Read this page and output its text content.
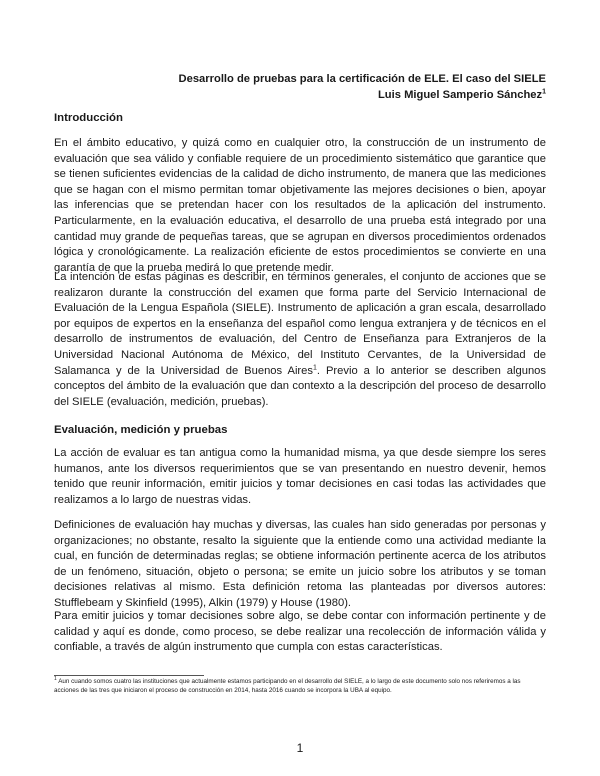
Desarrollo de pruebas para la certificación de ELE. El caso del SIELE
Luis Miguel Samperio Sánchez$^1$
Introducción

En el ámbito educativo, y quizá como en cualquier otro, la construcción de un instrumento de evaluación que sea válido y confiable requiere de un procedimiento sistemático que garantice que se tienen suficientes evidencias de la calidad de dicho instrumento, de manera que las mediciones que se hagan con el mismo permitan tomar objetivamente las mejores decisiones o bien, apoyar las inferencias que se pretendan hacer con los resultados de la aplicación del instrumento. Particularmente, en la evaluación educativa, el desarrollo de una prueba está integrado por una cantidad muy grande de pequeñas tareas, que se agrupan en diversos procedimientos ordenados lógica y cronológicamente. La realización eficiente de estos procedimientos se convierte en una garantía de que la prueba medirá lo que pretende medir.

La intención de estas páginas es describir, en términos generales, el conjunto de acciones que se realizaron durante la construcción del examen que forma parte del Servicio Internacional de Evaluación de la Lengua Española (SIELE). Instrumento de aplicación a gran escala, desarrollado por equipos de expertos en la enseñanza del español como lengua extranjera y de técnicos en el desarrollo de instrumentos de evaluación, del Centro de Enseñanza para Extranjeros de la Universidad Nacional Autónoma de México, del Instituto Cervantes, de la Universidad de Salamanca y de la Universidad de Buenos Aires$^1$. Previo a lo anterior se describen algunos conceptos del ámbito de la evaluación que dan contexto a la descripción del proceso de desarrollo del SIELE (evaluación, medición, pruebas).

Evaluación, medición y pruebas

La acción de evaluar es tan antigua como la humanidad misma, ya que desde siempre los seres humanos, ante los diversos requerimientos que se van presentando en nuestro devenir, hemos tenido que reunir información, emitir juicios y tomar decisiones en casi todas las actividades que realizamos a lo largo de nuestras vidas.

Definiciones de evaluación hay muchas y diversas, las cuales han sido generadas por personas y organizaciones; no obstante, resalto la siguiente que la entiende como una actividad mediante la cual, en función de determinadas reglas; se obtiene información pertinente acerca de los atributos de un fenómeno, situación, objeto o persona; se emite un juicio sobre los atributos y se toman decisiones relativas al mismo. Esta definición retoma las planteadas por diversos autores: Stufflebeam y Skinfield (1995), Alkin (1979) y House (1980).

Para emitir juicios y tomar decisiones sobre algo, se debe contar con información pertinente y de calidad y aquí es donde, como proceso, se debe realizar una recolección de información válida y confiable, a través de algún instrumento que cumpla con estas características.

$^1$ Aun cuando somos cuatro las instituciones que actualmente estamos participando en el desarrollo del SIELE, a lo largo de este documento solo nos referiremos a las acciones de las tres que iniciaron el proceso de construcción en 2014, hasta 2016 cuando se incorpora la UBA al equipo.

1
